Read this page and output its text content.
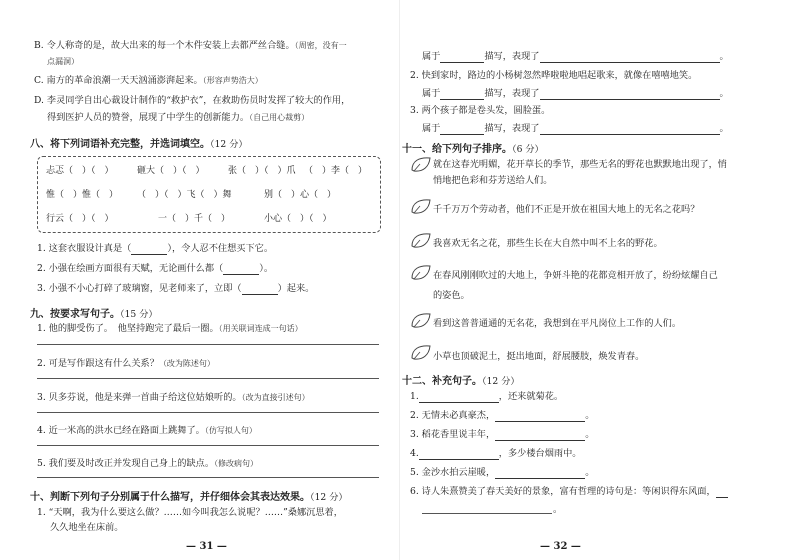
B. 令人称奇的是，故大出来的每一个木件安装上去都严丝合缝。（周密，没有一
点漏洞）
C. 南方的革命浪潮一天天汹涌澎湃起来。（形容声势浩大）
D. 李灵同学自出心裁设计制作的“救护衣”，在救助伤员时发挥了较大的作用，
得到医护人员的赞誉，展现了中学生的创新能力。（自己用心裁剪）
八、将下列词语补充完整，并选词填空。（12 分）
忐忑（　）（　）	砸大（　）（　）	张（　）（　）爪 （　）李（　）
惟（　）惟（　） （　）（　）飞（　）舞	别（　）心（　）
行云（　）（　）	一（　）千（　）	小心（　）（　）
1. 这套衣服设计真是（	），令人忍不住想买下它。
2. 小强在绘画方面很有天赋，无论画什么都（	）。
3. 小强不小心打碎了玻璃窗，见老师来了，立即（	）起来。
九、按要求写句子。（15 分）
1. 他的脚受伤了。　他坚持跑完了最后一圈。（用关联词连成一句话）
2. 可是写作跟这有什么关系？（改为陈述句）
3. 贝多芬说，他是来弹一首曲子给这位姑娘听的。（改为直接引述句）
4. 近一米高的洪水已经在路面上跳舞了。（仿写拟人句）
5. 我们要及时改正并发现自己身上的缺点。（修改病句）
十、判断下列句子分别属于什么描写，并仔细体会其表达效果。（12 分）
1. “天啊，我为什么要这么做？……如今叫我怎么说呢？……”桑娜沉思着，
久久地坐在床前。
— 31 —
属于	描写，表现了	。
2. 快到家时，路边的小杨树忽然哗啦啦地唱起歌来，就像在嘻嘻地笑。
属于	描写，表现了	。
3. 两个孩子都是卷头发，圆脸蛋。
属于	描写，表现了	。
十一、给下列句子排序。（6 分）
就在这春光明媚，花开草长的季节，那些无名的野花也默默地出现了，悄
悄地把色彩和芬芳送给人们。
千千万万个劳动者，他们不正是开放在祖国大地上的无名之花吗？
我喜欢无名之花，那些生长在大自然中叫不上名的野花。
在春风刚刚吹过的大地上，争妍斗艳的花都竞相开放了，纷纷炫耀自己
的姿色。
看到这普普通通的无名花，我想到在平凡岗位上工作的人们。
小草也顶破泥土，挺出地面，舒展腰肢，焕发青春。
十二、补充句子。（12 分）
1.	，还来就菊花。
2. 无情未必真豪杰，	。
3. 稻花香里说丰年，	。
4.	，多少楼台烟雨中。
5. 金沙水拍云崖暖，	。
6. 诗人朱熹赞美了春天美好的景象，富有哲理的诗句是：等闲识得东风面，
。
— 32 —
